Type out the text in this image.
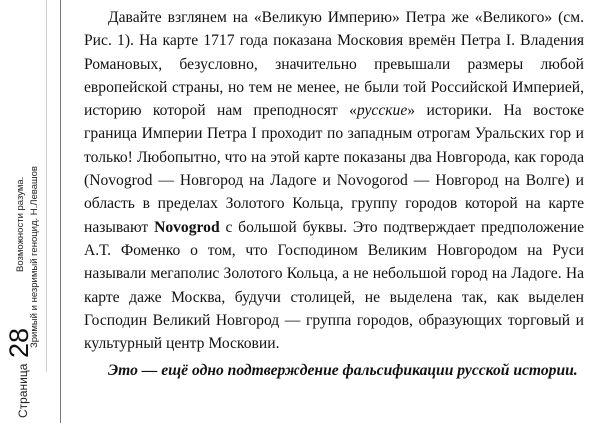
Возможности разума. Зримый и незримый геноцид. Н.Левашов
Страница
28

Давайте взглянем на «Великую Империю» Петра же «Великого» (см. Рис. 1). На карте 1717 года показана Московия времён Петра I. Владения Романовых, безусловно, значительно превышали размеры любой европейской страны, но тем не менее, не были той Российской Империей, историю которой нам преподносят «русские» историки. На востоке граница Империи Петра I проходит по западным отрогам Уральских гор и только! Любопытно, что на этой карте показаны два Новгорода, как города (Novogrod — Новгород на Ладоге и Novogorod — Новгород на Волге) и область в пределах Золотого Кольца, группу городов которой на карте называют Novogrod с большой буквы. Это подтверждает предположение А.Т. Фоменко о том, что Господином Великим Новгородом на Руси называли мегаполис Золотого Кольца, а не небольшой город на Ладоге. На карте даже Москва, будучи столицей, не выделена так, как выделен Господин Великий Новгород — группа городов, образующих торговый и культурный центр Московии.

Это — ещё одно подтверждение фальсификации русской истории.
